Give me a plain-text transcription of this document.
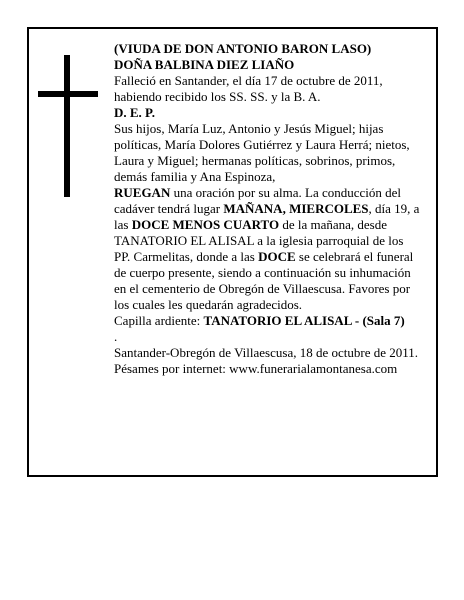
(VIUDA DE DON ANTONIO BARON LASO)

DOÑA BALBINA DIEZ LIAÑO

Falleció en Santander, el día 17 de octubre de 2011, habiendo recibido los SS. SS. y la B. A.

D. E. P.

Sus hijos, María Luz, Antonio y Jesús Miguel; hijas políticas, María Dolores Gutiérrez y Laura Herrá; nietos, Laura y Miguel; hermanas políticas, sobrinos, primos, demás familia y Ana Espinoza,

RUEGAN una oración por su alma. La conducción del cadáver tendrá lugar MAÑANA, MIERCOLES, día 19, a las DOCE MENOS CUARTO de la mañana, desde TANATORIO EL ALISAL a la iglesia parroquial de los PP. Carmelitas, donde a las DOCE se celebrará el funeral de cuerpo presente, siendo a continuación su inhumación en el cementerio de Obregón de Villaescusa. Favores por los cuales les quedarán agradecidos.

Capilla ardiente: TANATORIO EL ALISAL - (Sala 7)
.

Santander-Obregón de Villaescusa, 18 de octubre de 2011.

Pésames por internet: www.funerarialamontanesa.com
